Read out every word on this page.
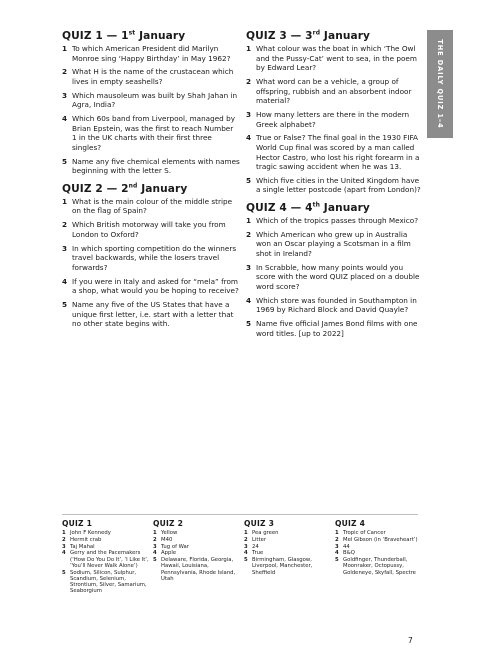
QUIZ 1 — 1st January
1 To which American President did Marilyn Monroe sing ‘Happy Birthday’ in May 1962?
2 What H is the name of the crustacean which lives in empty seashells?
3 Which mausoleum was built by Shah Jahan in Agra, India?
4 Which 60s band from Liverpool, managed by Brian Epstein, was the first to reach Number 1 in the UK charts with their first three singles?
5 Name any five chemical elements with names beginning with the letter S.
QUIZ 2 — 2nd January
1 What is the main colour of the middle stripe on the flag of Spain?
2 Which British motorway will take you from London to Oxford?
3 In which sporting competition do the winners travel backwards, while the losers travel forwards?
4 If you were in Italy and asked for “mela” from a shop, what would you be hoping to receive?
5 Name any five of the US States that have a unique first letter, i.e. start with a letter that no other state begins with.
QUIZ 3 — 3rd January
1 What colour was the boat in which ‘The Owl and the Pussy-Cat’ went to sea, in the poem by Edward Lear?
2 What word can be a vehicle, a group of offspring, rubbish and an absorbent indoor material?
3 How many letters are there in the modern Greek alphabet?
4 True or False? The final goal in the 1930 FIFA World Cup final was scored by a man called Hector Castro, who lost his right forearm in a tragic sawing accident when he was 13.
5 Which five cities in the United Kingdom have a single letter postcode (apart from London)?
QUIZ 4 — 4th January
1 Which of the tropics passes through Mexico?
2 Which American who grew up in Australia won an Oscar playing a Scotsman in a film shot in Ireland?
3 In Scrabble, how many points would you score with the word QUIZ placed on a double word score?
4 Which store was founded in Southampton in 1969 by Richard Block and David Quayle?
5 Name five official James Bond films with one word titles. [up to 2022]
THE DAILY QUIZ 1–4
QUIZ 1
1 John F Kennedy
2 Hermit crab
3 Taj Mahal
4 Gerry and the Pacemakers (‘How Do You Do It’, ‘I Like It’, ‘You’ll Never Walk Alone’)
5 Sodium, Silicon, Sulphur, Scandium, Selenium, Strontium, Silver, Samarium, Seaborgium
QUIZ 2
1 Yellow
2 M40
3 Tug of War
4 Apple
5 Delaware, Florida, Georgia, Hawaii, Louisiana, Pennsylvania, Rhode Island, Utah
QUIZ 3
1 Pea green
2 Litter
3 24
4 True
5 Birmingham, Glasgow, Liverpool, Manchester, Sheffield
QUIZ 4
1 Tropic of Cancer
2 Mel Gibson (in ‘Braveheart’)
3 44
4 B&Q
5 Goldfinger, Thunderball, Moonraker, Octopussy, Goldeneye, Skyfall, Spectre
7
